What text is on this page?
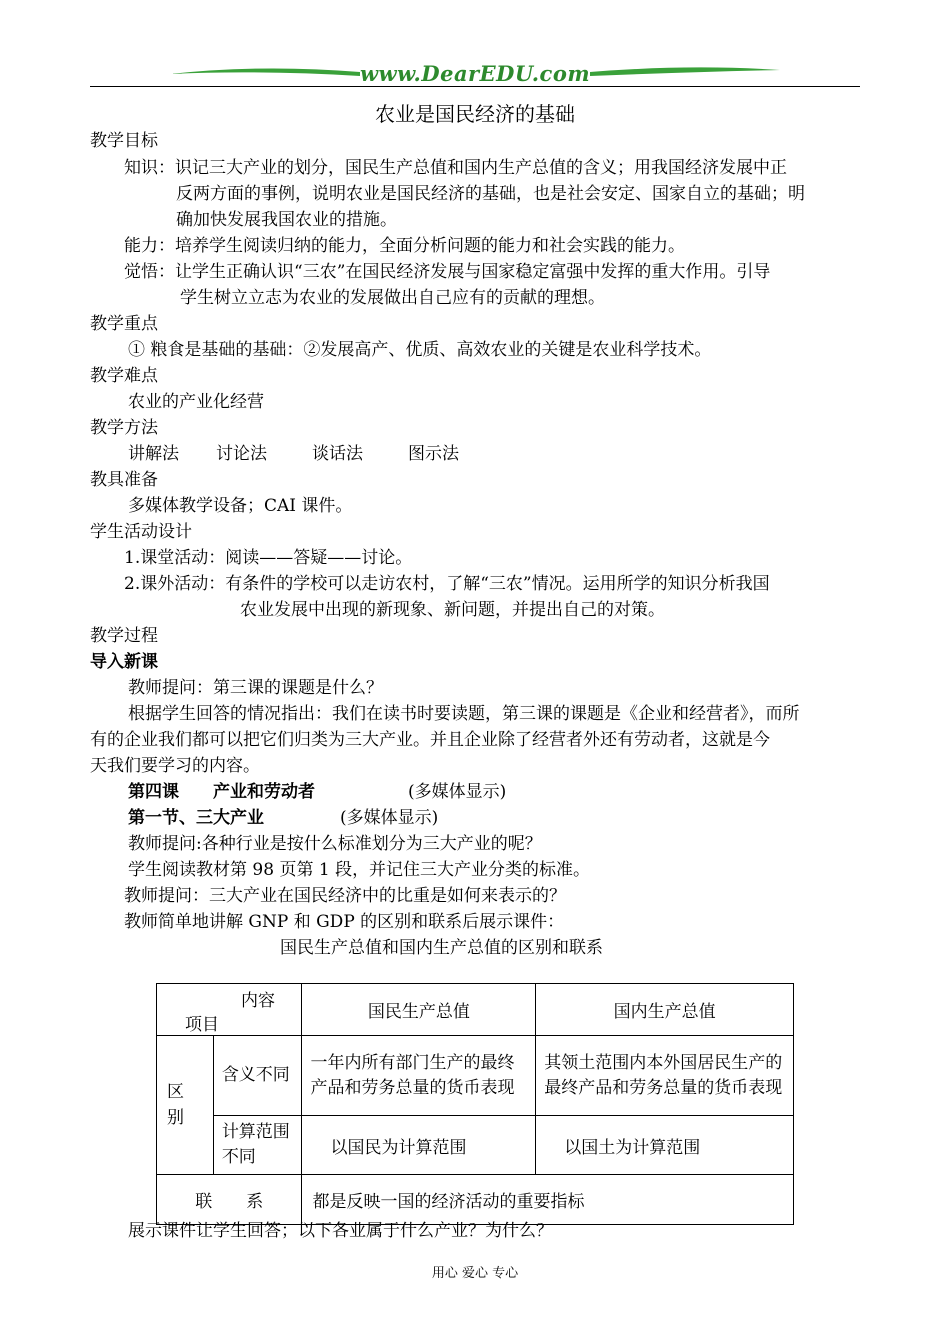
www.DearEDU.com
农业是国民经济的基础
教学目标
知识：识记三大产业的划分，国民生产总值和国内生产总值的含义；用我国经济发展中正
反两方面的事例，说明农业是国民经济的基础，也是社会安定、国家自立的基础；明
确加快发展我国农业的措施。
能力：培养学生阅读归纳的能力，全面分析问题的能力和社会实践的能力。
觉悟：让学生正确认识“三农”在国民经济发展与国家稳定富强中发挥的重大作用。引导
学生树立立志为农业的发展做出自己应有的贡献的理想。
教学重点
① 粮食是基础的基础：②发展高产、优质、高效农业的关键是农业科学技术。
教学难点
农业的产业化经营
教学方法
讲解法 讨论法	谈话法	图示法
教具准备
多媒体教学设备；CAI 课件。
学生活动设计
1.课堂活动：阅读——答疑——讨论。
2.课外活动：有条件的学校可以走访农村，了解“三农”情况。运用所学的知识分析我国
农业发展中出现的新现象、新问题，并提出自己的对策。
教学过程
导入新课
教师提问：第三课的课题是什么？
根据学生回答的情况指出：我们在读书时要读题，第三课的课题是《企业和经营者》，而所
有的企业我们都可以把它们归类为三大产业。并且企业除了经营者外还有劳动者，这就是今
天我们要学习的内容。
第四课　　产业和劳动者	(多媒体显示)
第一节、三大产业	(多媒体显示)
教师提问:各种行业是按什么标准划分为三大产业的呢？
学生阅读教材第 98 页第 1 段，并记住三大产业分类的标准。
教师提问：三大产业在国民经济中的比重是如何来表示的？
教师简单地讲解 GNP 和 GDP 的区别和联系后展示课件：
国民生产总值和国内生产总值的区别和联系
内容
项目		国民生产总值	国内生产总值

区别	含义不同	一年内所有部门生产的最终产品和劳务总量的货币表现	其领土范围内本外国居民生产的最终产品和劳务总量的货币表现

	计算范围不同	以国民为计算范围	以国土为计算范围

联　　系		都是反映一国的经济活动的重要指标	
展示课件让学生回答；以下各业属于什么产业？为什么？
用心 爱心 专心
